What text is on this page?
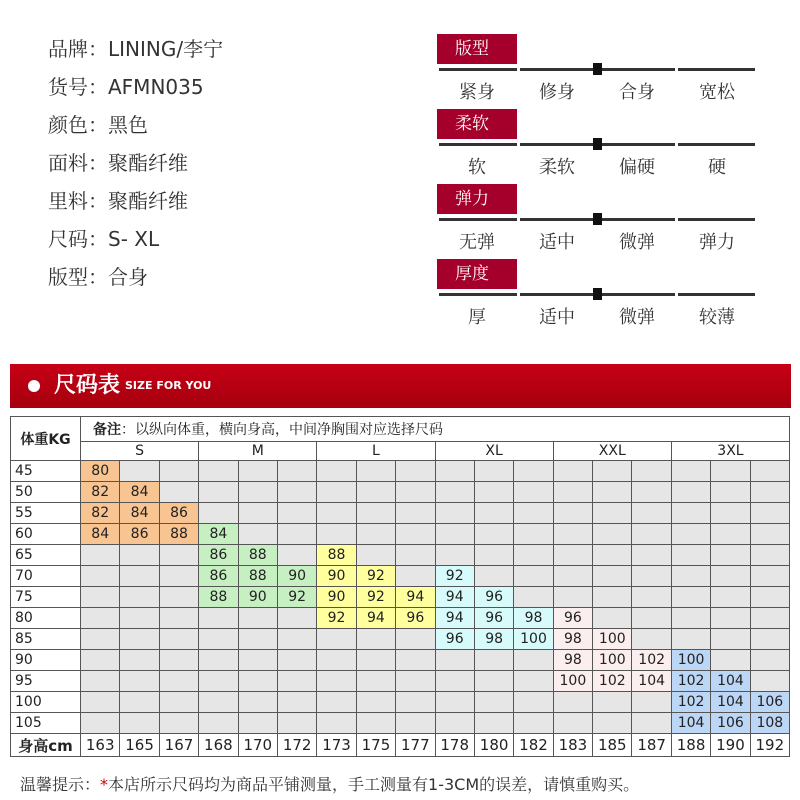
品牌：LINING/李宁
货号：AFMN035
颜色：黑色
面料：聚酯纤维
里料：聚酯纤维
尺码：S- XL
版型：合身
版型
紧身	修身	合身	宽松
柔软
软	柔软	偏硬	硬
弹力
无弹	适中	微弹	弹力
厚度
厚	适中	微弹	较薄
尺码表 SIZE FOR YOU
体重KG	备注：以纵向体重，横向身高，中间净胸围对应选择尺码																	
	S			M			L			XL			XXL			3XL		
45	80																	
50	82	84																
55	82	84	86															
60	84	86	88	84														
65				86	88		88											
70				86	88	90	90	92		92								
75				88	90	92	90	92	94	94	96							
80							92	94	96	94	96	98	96					
85										96	98	100	98	100				
90													98	100	102	100		
95													100	102	104	102	104	
100																102	104	106
105																104	106	108
身高cm	163	165	167	168	170	172	173	175	177	178	180	182	183	185	187	188	190	192
温馨提示：*本店所示尺码均为商品平铺测量，手工测量有1-3CM的误差，请慎重购买。
